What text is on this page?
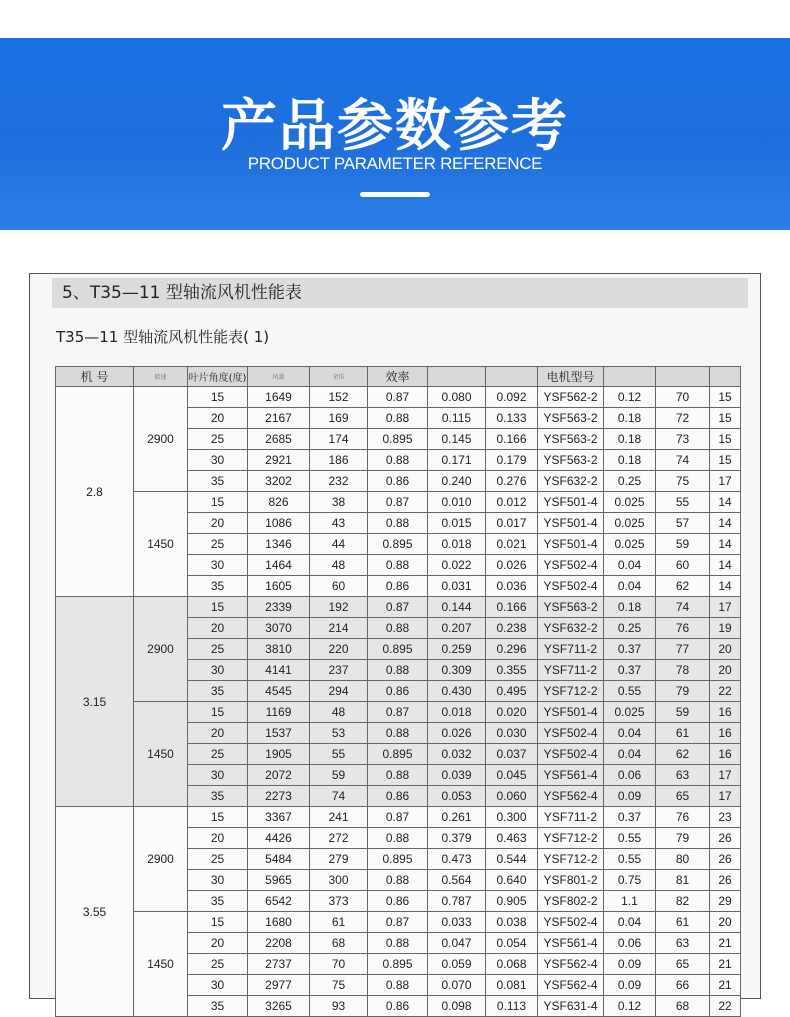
产品参数参考
PRODUCT PARAMETER REFERENCE
5、T35—11 型轴流风机性能表
T35—11 型轴流风机性能表( 1)
机 号	转速	叶片角度(度)	风量	全压	效率			电机型号			
2.8	2900	15	1649	152	0.87	0.080	0.092	YSF562-2	0.12	70	15
		20	2167	169	0.88	0.115	0.133	YSF563-2	0.18	72	15
		25	2685	174	0.895	0.145	0.166	YSF563-2	0.18	73	15
		30	2921	186	0.88	0.171	0.179	YSF563-2	0.18	74	15
		35	3202	232	0.86	0.240	0.276	YSF632-2	0.25	75	17
	1450	15	826	38	0.87	0.010	0.012	YSF501-4	0.025	55	14
		20	1086	43	0.88	0.015	0.017	YSF501-4	0.025	57	14
		25	1346	44	0.895	0.018	0.021	YSF501-4	0.025	59	14
		30	1464	48	0.88	0.022	0.026	YSF502-4	0.04	60	14
		35	1605	60	0.86	0.031	0.036	YSF502-4	0.04	62	14
3.15	2900	15	2339	192	0.87	0.144	0.166	YSF563-2	0.18	74	17
		20	3070	214	0.88	0.207	0.238	YSF632-2	0.25	76	19
		25	3810	220	0.895	0.259	0.296	YSF711-2	0.37	77	20
		30	4141	237	0.88	0.309	0.355	YSF711-2	0.37	78	20
		35	4545	294	0.86	0.430	0.495	YSF712-2	0.55	79	22
	1450	15	1169	48	0.87	0.018	0.020	YSF501-4	0.025	59	16
		20	1537	53	0.88	0.026	0.030	YSF502-4	0.04	61	16
		25	1905	55	0.895	0.032	0.037	YSF502-4	0.04	62	16
		30	2072	59	0.88	0.039	0.045	YSF561-4	0.06	63	17
		35	2273	74	0.86	0.053	0.060	YSF562-4	0.09	65	17
3.55	2900	15	3367	241	0.87	0.261	0.300	YSF711-2	0.37	76	23
		20	4426	272	0.88	0.379	0.463	YSF712-2	0.55	79	26
		25	5484	279	0.895	0.473	0.544	YSF712-2	0.55	80	26
		30	5965	300	0.88	0.564	0.640	YSF801-2	0.75	81	26
		35	6542	373	0.86	0.787	0.905	YSF802-2	1.1	82	29
	1450	15	1680	61	0.87	0.033	0.038	YSF502-4	0.04	61	20
		20	2208	68	0.88	0.047	0.054	YSF561-4	0.06	63	21
		25	2737	70	0.895	0.059	0.068	YSF562-4	0.09	65	21
		30	2977	75	0.88	0.070	0.081	YSF562-4	0.09	66	21
		35	3265	93	0.86	0.098	0.113	YSF631-4	0.12	68	22
